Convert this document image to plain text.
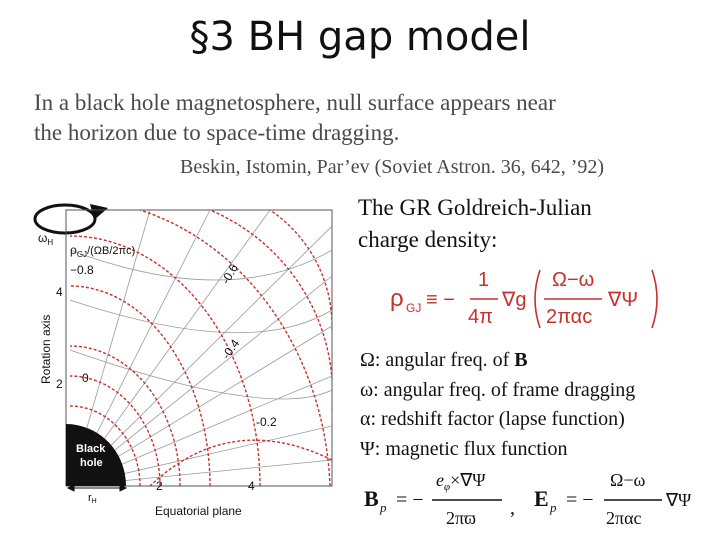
§3 BH gap model
In a black hole magnetosphere, null surface appears near
the horizon due to space-time dragging.
Beskin, Istomin, Par’ev (Soviet Astron. 36, 642, ’92)
Black
hole
$\omega_H$
$\rho_{GJ}/(\Omega B/2\pi c)$
−0.8	-0.6
-0.4
0
-0.2
Rotation axis
4
2
2	4
rH
Equatorial plane
The GR Goldreich-Julian
charge density:
ρ GJ ≡ −
1
4π
∇g
Ω−ω
2παc
∇Ψ
Ω: angular freq. of B
ω: angular freq. of frame dragging
α: redshift factor (lapse function)
Ψ: magnetic flux function
B p = −
$e_\varphi\times\nabla\Psi$
2πϖ , E p = −
Ω−ω
2παc
∇Ψ
